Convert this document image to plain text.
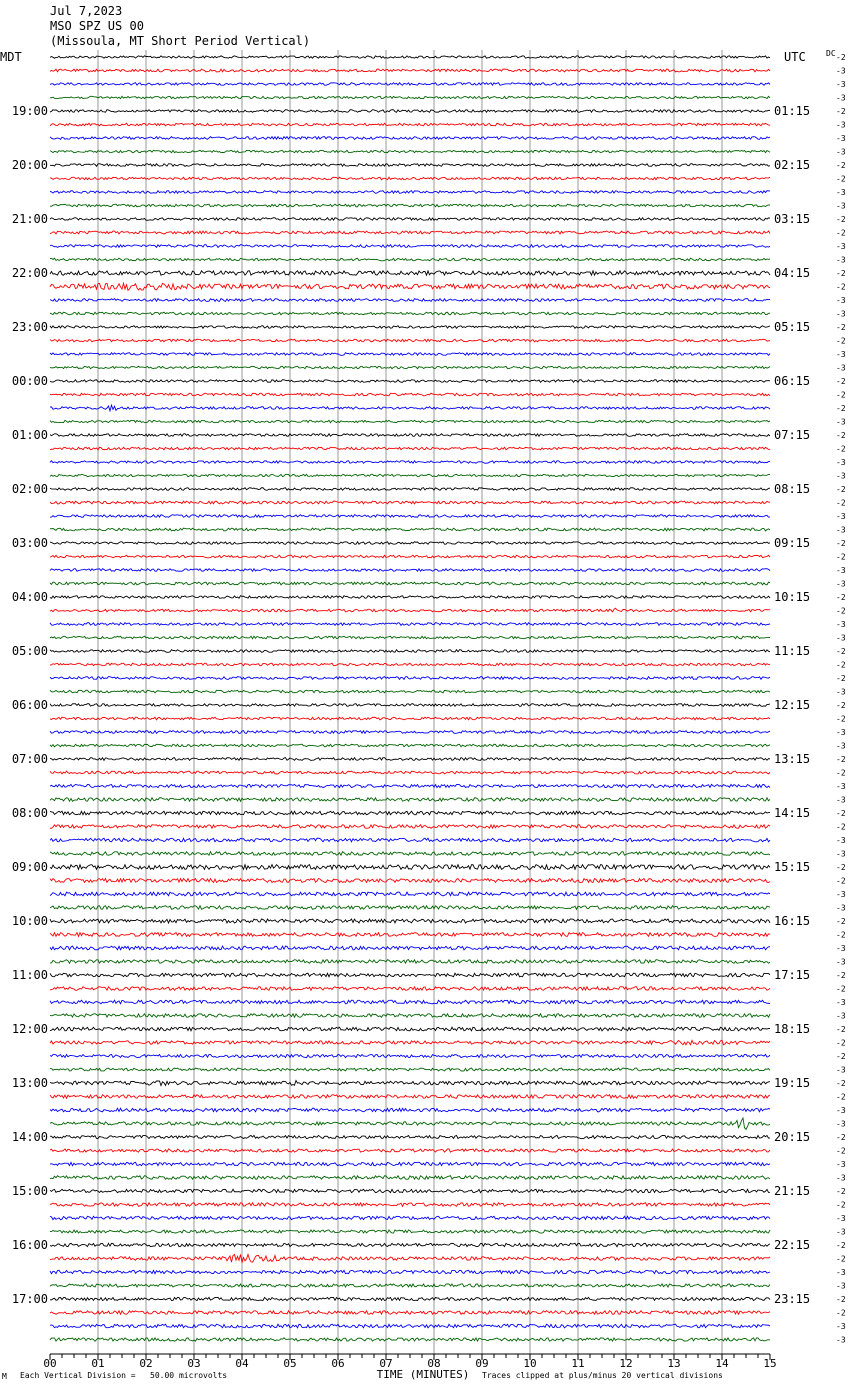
Jul 7,2023
MSO SPZ US 00
(Missoula, MT Short Period Vertical)
MDT	UTC	DC
M Each Vertical Division =   50.00 microvolts	Traces clipped at plus/minus 20 vertical divisions
19:00
20:00
21:00
22:00
23:00
00:00
01:00
02:00
03:00
04:00
05:00
06:00
07:00
08:00
09:00
10:00
11:00
12:00
13:00
14:00
15:00
16:00
17:00
01:15
02:15
03:15
04:15
05:15
06:15
07:15
08:15
09:15
10:15
11:15
12:15
13:15
14:15
15:15
16:15
17:15
18:15
19:15
20:15
21:15
22:15
23:15
-2
-3
-3
-3
-2
-3
-3
-3
-2
-2
-3
-3
-2
-2
-3
-3
-2
-2
-3
-3
-2
-2
-3
-3
-2
-2
-2
-3
-2
-2
-3
-3
-2
-2
-3
-3
-2
-2
-3
-3
-2
-2
-3
-3
-2
-2
-2
-3
-2
-2
-3
-3
-2
-2
-3
-3
-2
-2
-3
-3
-2
-2
-3
-3
-2
-2
-3
-3
-2
-2
-3
-3
-2
-2
-2
-3
-2
-2
-3
-3
-2
-2
-3
-3
-2
-2
-3
-3
-2
-2
-3
-3
-2
-2
-3
-3
00	01	02	03	04	05	06	07	08	09	10	11	12	13	14	15
TIME (MINUTES)
